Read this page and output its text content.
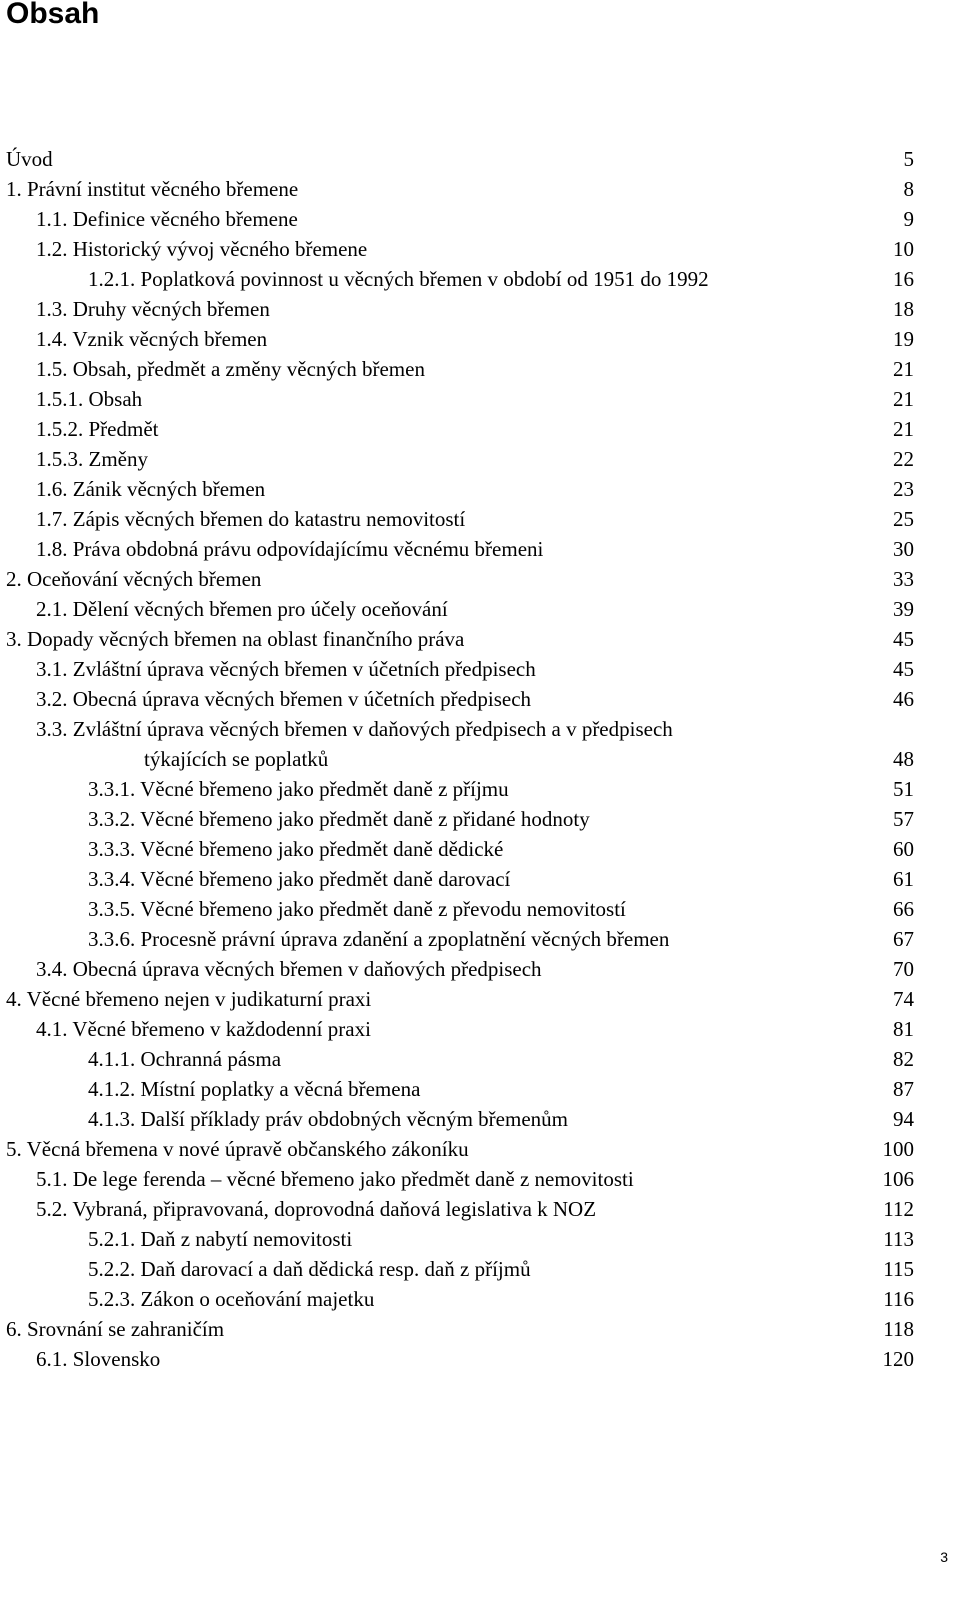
Obsah
Úvod	5
1. Právní institut věcného břemene	8
1.1. Definice věcného břemene	9
1.2. Historický vývoj věcného břemene	10
1.2.1. Poplatková povinnost u věcných břemen v období od 1951 do 1992	16
1.3. Druhy věcných břemen	18
1.4. Vznik věcných břemen	19
1.5. Obsah, předmět a změny věcných břemen	21
1.5.1. Obsah	21
1.5.2. Předmět	21
1.5.3. Změny	22
1.6. Zánik věcných břemen	23
1.7. Zápis věcných břemen do katastru nemovitostí	25
1.8. Práva obdobná právu odpovídajícímu věcnému břemeni	30
2. Oceňování věcných břemen	33
2.1. Dělení věcných břemen pro účely oceňování	39
3. Dopady věcných břemen na oblast finančního práva	45
3.1. Zvláštní úprava věcných břemen v účetních předpisech	45
3.2. Obecná úprava věcných břemen v účetních předpisech	46
3.3. Zvláštní úprava věcných břemen v daňových předpisech a v předpisech
týkajících se poplatků	48
3.3.1. Věcné břemeno jako předmět daně z příjmu	51
3.3.2. Věcné břemeno jako předmět daně z přidané hodnoty	57
3.3.3. Věcné břemeno jako předmět daně dědické	60
3.3.4. Věcné břemeno jako předmět daně darovací	61
3.3.5. Věcné břemeno jako předmět daně z převodu nemovitostí	66
3.3.6. Procesně právní úprava zdanění a zpoplatnění věcných břemen	67
3.4. Obecná úprava věcných břemen v daňových předpisech	70
4. Věcné břemeno nejen v judikaturní praxi	74
4.1. Věcné břemeno v každodenní praxi	81
4.1.1. Ochranná pásma	82
4.1.2. Místní poplatky a věcná břemena	87
4.1.3. Další příklady práv obdobných věcným břemenům	94
5. Věcná břemena v nové úpravě občanského zákoníku	100
5.1. De lege ferenda – věcné břemeno jako předmět daně z nemovitosti	106
5.2. Vybraná, připravovaná, doprovodná daňová legislativa k NOZ	112
5.2.1. Daň z nabytí nemovitosti	113
5.2.2. Daň darovací a daň dědická resp. daň z příjmů	115
5.2.3. Zákon o oceňování majetku	116
6. Srovnání se zahraničím	118
6.1. Slovensko	120
3
